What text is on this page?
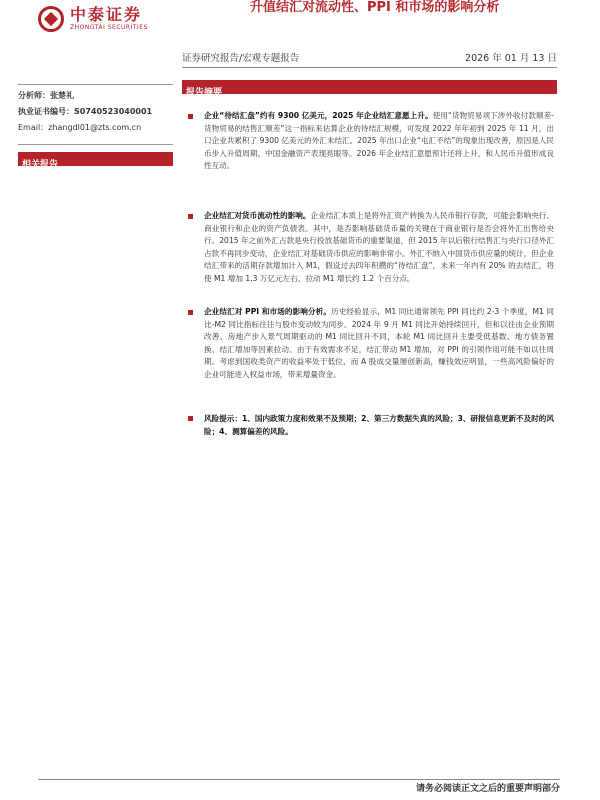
中泰证券
ZHONGTAI SECURITIES
升值结汇对流动性、PPI 和市场的影响分析
证券研究报告/宏观专题报告	2026 年 01 月 13 日
分析师：张楚礼
执业证书编号：S0740523040001
Email：zhangdl01@zts.com.cn
相关报告
报告摘要
企业“待结汇盘”约有 9300 亿美元，2025 年企业结汇意愿上升。使用“货物贸易项下涉外收付款顺差-货物贸易的结售汇顺差”这一指标来估算企业的待结汇规模，可发现 2022 年年初到 2025 年 11 月，出口企业共累积了 9300 亿美元的外汇未结汇。2025 年出口企业“屯汇不结”的现象出现改善，原因是人民币步入升值周期、中国金融资产表现亮眼等。2026 年企业结汇意愿预计还将上升，和人民币升值形成良性互动。
企业结汇对货币流动性的影响。企业结汇本质上是将外汇资产转换为人民币银行存款，可能会影响央行、商业银行和企业的资产负债表。其中，是否影响基础货币量的关键在于商业银行是否会将外汇出售给央行。2015 年之前外汇占款是央行投放基础货币的重要渠道，但 2015 年以后银行结售汇与央行口径外汇占款不再同步变动，企业结汇对基础货币供应的影响非常小。外汇不纳入中国货币供应量的统计，但企业结汇带来的活期存款增加计入 M1，假设过去四年积攒的“待结汇盘”，未来一年内有 20% 的去结汇，将使 M1 增加 1.3 万亿元左右，拉动 M1 增长约 1.2 个百分点。
企业结汇对 PPI 和市场的影响分析。历史经验显示，M1 同比通常领先 PPI 同比约 2-3 个季度，M1 同比-M2 同比指标往往与股市变动较为同步。2024 年 9 月 M1 同比开始持续回升，但和以往由企业预期改善、房地产步入景气周期驱动的 M1 同比回升不同，本轮 M1 同比回升主要受低基数、地方债务置换、结汇增加等因素拉动。由于有效需求不足，结汇带动 M1 增加，对 PPI 的引领作用可能不如以往周期。考虑到国收类资产的收益率处于低位，而 A 股成交量屡创新高，赚钱效应明显，一些高风险偏好的企业可能进入权益市场，带来增量资金。
风险提示：1、国内政策力度和效果不及预期；2、第三方数据失真的风险；3、研报信息更新不及时的风险；4、测算偏差的风险。
请务必阅读正文之后的重要声明部分
